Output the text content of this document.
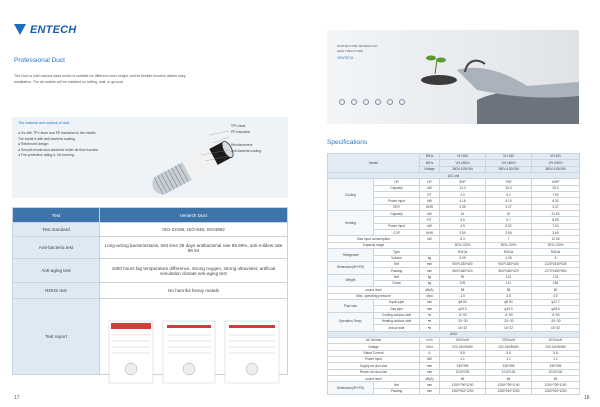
ENTECH
Professional Duct
The Duct is with various sizes which is suitable for different room height, and its flexible function allows easy installation. The air outlets will be installed on ceiling, wall, or ground.
The material and outlook of duct
● It's with TPV facer and PE insulation in the middle. The inside it with anti-bacteria coating.
● Reinforced design
● Smooth inside duct achieves better air flow function.
● Fire-protection rating A. No burning.
TPV facer
PE insulation
Reinforcement
Anti-bacteria coating
Test	Ventech Duct
Test standard	ISO-22196, ISO-846, ISO4892
Anti-bacteria test	Long-acting bacteriostasis, test time 28 days antibacterial rate 99.99%, anti-mildew rate 99.94
Anti-aging test	1000 hours big temperature difference, strong oxygen, strong ultraviolet, artificial simulation climate anti-aging test
RDHS test	No harmful heavy metals
Test report	
17
MASTER CORE TECHNOLOGY
LEAD THE FUTURE
VENTECH
Specifications
Model		50Hz	VH-160	VH-180	VH-200
		60Hz	VH-160/N	VH-180/N	VH-200/N
		Voltage	380V-415V/3N	380V-415V/3N	380V-415V/3N
A/C unit					
Cooling	HP	HP	5HP	7HP	10HP
	Capacity	kW	14.0	16.0	28.0
		RT	4.0	5.2	7.99
	Power input	kW	4.18	5.19	8.32
	EER	W/W	3.35	3.47	3.37
Heating	Capacity	kW	16	20	31.50
		RT	4.5	5.7	8.95
	Power input	kW	4.5	5.62	7.63
	COP	W/W	3.59	3.56	3.65
Max.input consumption		kW	8.3	7	12.06
Capacity range			50%-130%	50%-130%	50%-130%
Refrigerant	Type		R410a	R410a	R410a
	Volume	kg	3.49	4.05	8
Dimension(W*H*D)	Net	mm	900*1330*400	900*1330*400	1120*1540*528
	Packing	mm	964*1460*420	964*1460*420	1270*1690*560
Weight	Net	kg	99	102	176
	Gross	kg	109	112	196
sound level		dB(A)	58	58	60
Max. operating pressure		Mpa	4.5	4.5	4.5
Pipe size	Liquid pipe	mm	φ9.53	φ9.53	φ12.7
	Gas pipe	mm	φ15.9	φ15.9	φ28.6
Operation Temp.	Cooling outdoor side	℃	-5~50	-5~50	-5~50
	Heating outdoor side	℃	-20~30	-20~30	-20~30
	Indoor side	℃	16~32	16~32	16~32
AHU					
Air Volume		m³/h	2400m³/h	3750m³/h	4010m³/h
Voltage		V/Hz	220-240/50/60	220-240/50/60	220-240/50/60
Rated Current		A	5.8	5.8	5.8
Power input		kW	1.1	1.1	1.1
Supply air duct size		mm	330*395	335*395	330*395
Return air duct size		mm	1010*192	1010*130	1010*130
sound level		dB(A)	65	65	65
Dimension(W*H*D)	Net	mm	1250*790*1190	1250*790*1190	1250*790*1190
	Packing	mm	1360*910*1250	1280*910*1250	1280*910*1250
18
